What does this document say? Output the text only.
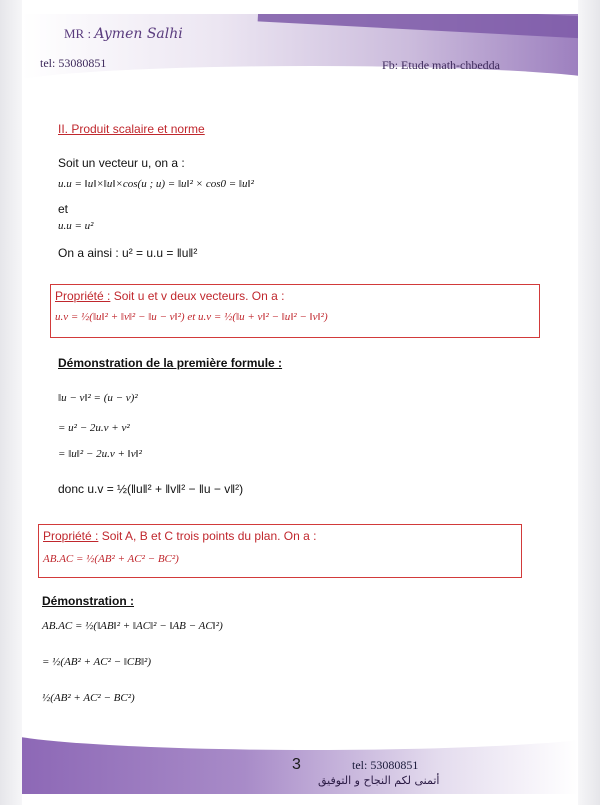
MR : Aymen Salhi
tel: 53080851	Fb: Etude math-chbedda
II. Produit scalaire et norme
Soit un vecteur u, on a :
u.u = ‖u‖×‖u‖×cos(u ; u) = ‖u‖² × cos0 = ‖u‖²
et
u.u = u²
On a ainsi : u² = u.u = ‖u‖²
Propriété : Soit u et v deux vecteurs. On a :
u.v = ½(‖u‖² + ‖v‖² − ‖u − v‖²) et u.v = ½(‖u + v‖² − ‖u‖² − ‖v‖²)
Démonstration de la première formule :
‖u − v‖² = (u − v)²
= u² − 2u.v + v²
= ‖u‖² − 2u.v + ‖v‖²
donc u.v = ½(‖u‖² + ‖v‖² − ‖u − v‖²)
Propriété : Soit A, B et C trois points du plan. On a :
AB.AC = ½(AB² + AC² − BC²)
Démonstration :
AB.AC = ½(‖AB‖² + ‖AC‖² − ‖AB − AC‖²)
= ½(AB² + AC² − ‖CB‖²)
½(AB² + AC² − BC²)
3	tel: 53080851
أتمنى لكم النجاح و التوفيق
